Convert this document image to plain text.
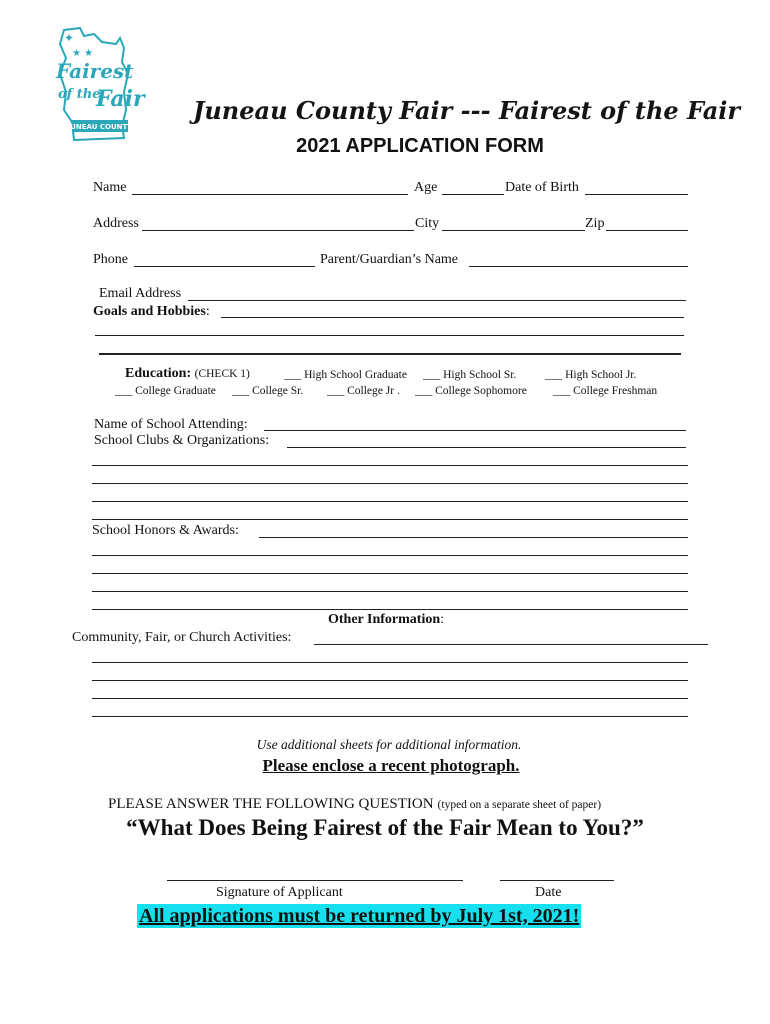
✦
★ ★
Fairest
of the
Fair
JUNEAU COUNTY
Juneau County Fair --- Fairest of the Fair
2021 APPLICATION FORM
Name	Age	Date of Birth
Address	City	Zip
Phone	Parent/Guardian’s Name
Email Address
Goals and Hobbies:
Education: (CHECK 1)	___ High School Graduate ___ High School Sr. ___ High School Jr.
___ College Graduate ___ College Sr. ___ College Jr . ___ College Sophomore ___ College Freshman
Name of School Attending:
School Clubs & Organizations:
School Honors & Awards:
Other Information:
Community, Fair, or Church Activities:
Use additional sheets for additional information.
Please enclose a recent photograph.
PLEASE ANSWER THE FOLLOWING QUESTION (typed on a separate sheet of paper)
“What Does Being Fairest of the Fair Mean to You?”
Signature of Applicant	Date
All applications must be returned by July 1st, 2021!
